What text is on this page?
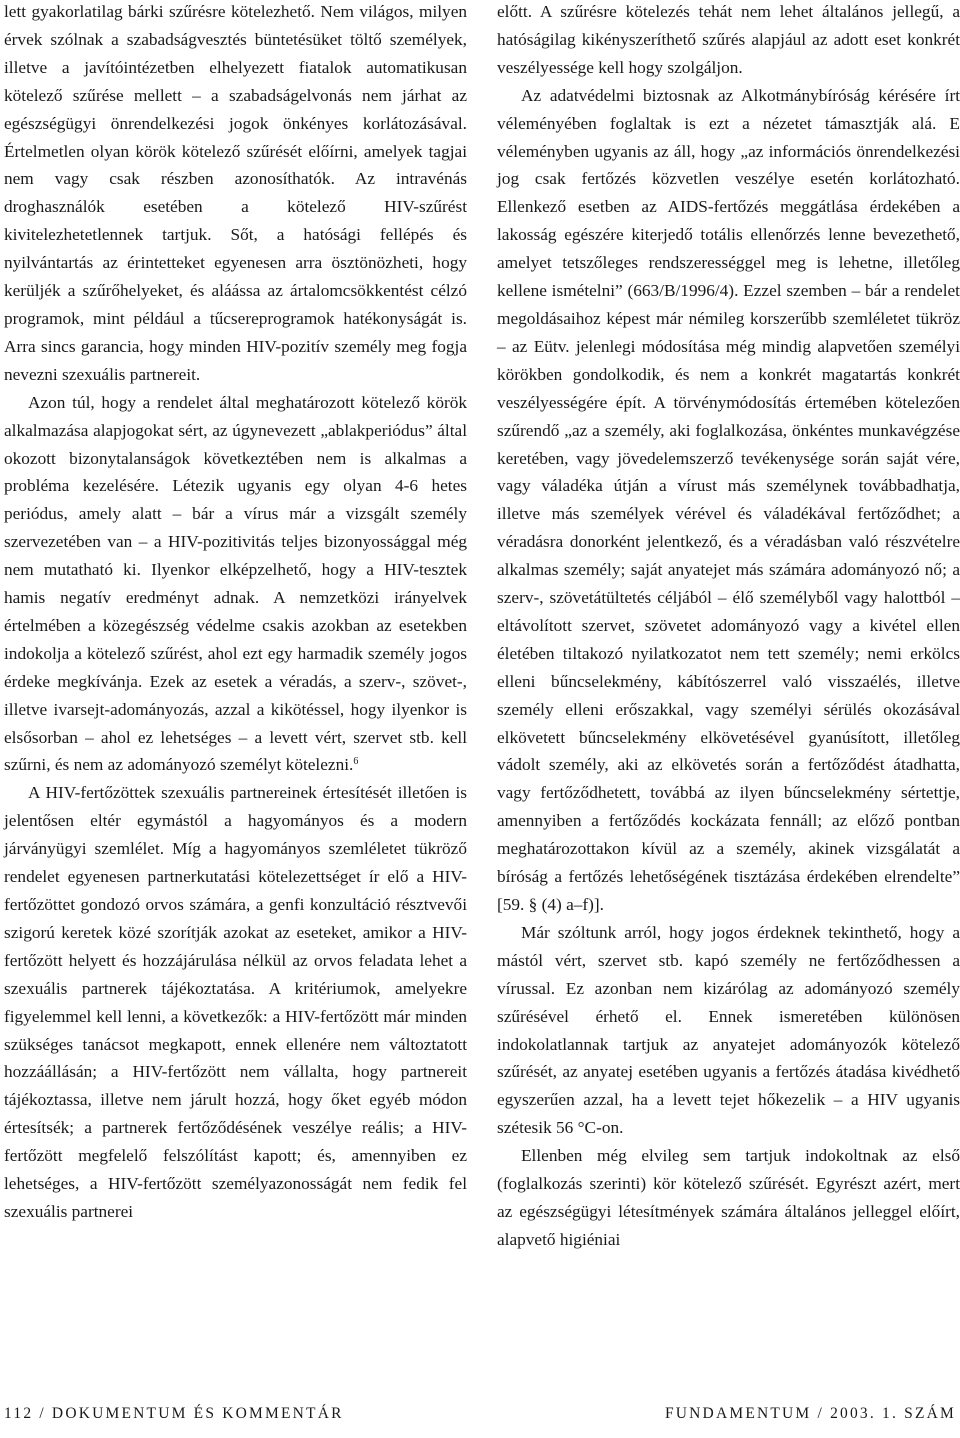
lett gyakorlatilag bárki szűrésre kötelezhető. Nem világos, milyen érvek szólnak a szabadságvesztés büntetésüket töltő személyek, illetve a javítóintézetben elhelyezett fiatalok automatikusan kötelező szűrése mellett – a szabadságelvonás nem járhat az egészségügyi önrendelkezési jogok önkényes korlátozásával. Értelmetlen olyan körök kötelező szűrését előírni, amelyek tagjai nem vagy csak részben azonosíthatók. Az intravénás droghasználók esetében a kötelező HIV-szűrést kivitelezhetetlennek tartjuk. Sőt, a hatósági fellépés és nyilvántartás az érintetteket egyenesen arra ösztönözheti, hogy kerüljék a szűrőhelyeket, és aláássa az ártalomcsökkentést célzó programok, mint például a tűcsereprogramok hatékonyságát is. Arra sincs garancia, hogy minden HIV-pozitív személy meg fogja nevezni szexuális partnereit.

Azon túl, hogy a rendelet által meghatározott kötelező körök alkalmazása alapjogokat sért, az úgynevezett „ablakperiódus” által okozott bizonytalanságok következtében nem is alkalmas a probléma kezelésére. Létezik ugyanis egy olyan 4-6 hetes periódus, amely alatt – bár a vírus már a vizsgált személy szervezetében van – a HIV-pozitivitás teljes bizonyossággal még nem mutatható ki. Ilyenkor elképzelhető, hogy a HIV-tesztek hamis negatív eredményt adnak. A nemzetközi irányelvek értelmében a közegészség védelme csakis azokban az esetekben indokolja a kötelező szűrést, ahol ezt egy harmadik személy jogos érdeke megkívánja. Ezek az esetek a véradás, a szerv-, szövet-, illetve ivarsejt-adományozás, azzal a kikötéssel, hogy ilyenkor is elsősorban – ahol ez lehetséges – a levett vért, szervet stb. kell szűrni, és nem az adományozó személyt kötelezni.$^6$

A HIV-fertőzöttek szexuális partnereinek értesítését illetően is jelentősen eltér egymástól a hagyományos és a modern járványügyi szemlélet. Míg a hagyományos szemléletet tükröző rendelet egyenesen partnerkutatási kötelezettséget ír elő a HIV-fertőzöttet gondozó orvos számára, a genfi konzultáció résztvevői szigorú keretek közé szorítják azokat az eseteket, amikor a HIV-fertőzött helyett és hozzájárulása nélkül az orvos feladata lehet a szexuális partnerek tájékoztatása. A kritériumok, amelyekre figyelemmel kell lenni, a következők: a HIV-fertőzött már minden szükséges tanácsot megkapott, ennek ellenére nem változtatott hozzáállásán; a HIV-fertőzött nem vállalta, hogy partnereit tájékoztassa, illetve nem járult hozzá, hogy őket egyéb módon értesítsék; a partnerek fertőződésének veszélye reális; a HIV-fertőzött megfelelő felszólítást kapott; és, amennyiben ez lehetséges, a HIV-fertőzött személyazonosságát nem fedik fel szexuális partnerei

előtt. A szűrésre kötelezés tehát nem lehet általános jellegű, a hatóságilag kikényszeríthető szűrés alapjául az adott eset konkrét veszélyessége kell hogy szolgáljon.

Az adatvédelmi biztosnak az Alkotmánybíróság kérésére írt véleményében foglaltak is ezt a nézetet támasztják alá. E véleményben ugyanis az áll, hogy „az információs önrendelkezési jog csak fertőzés közvetlen veszélye esetén korlátozható. Ellenkező esetben az AIDS-fertőzés meggátlása érdekében a lakosság egészére kiterjedő totális ellenőrzés lenne bevezethető, amelyet tetszőleges rendszerességgel meg is lehetne, illetőleg kellene ismételni” (663/B/1996/4). Ezzel szemben – bár a rendelet megoldásaihoz képest már némileg korszerűbb szemléletet tükröz – az Eütv. jelenlegi módosítása még mindig alapvetően személyi körökben gondolkodik, és nem a konkrét magatartás konkrét veszélyességére épít. A törvénymódosítás értemében kötelezően szűrendő „az a személy, aki foglalkozása, önkéntes munkavégzése keretében, vagy jövedelemszerző tevékenysége során saját vére, vagy váladéka útján a vírust más személynek továbbadhatja, illetve más személyek vérével és váladékával fertőződhet; a véradásra donorként jelentkező, és a véradásban való részvételre alkalmas személy; saját anyatejet más számára adományozó nő; a szerv-, szövetátültetés céljából – élő személyből vagy halottból – eltávolított szervet, szövetet adományozó vagy a kivétel ellen életében tiltakozó nyilatkozatot nem tett személy; nemi erkölcs elleni bűncselekmény, kábítószerrel való visszaélés, illetve személy elleni erőszakkal, vagy személyi sérülés okozásával elkövetett bűncselekmény elkövetésével gyanúsított, illetőleg vádolt személy, aki az elkövetés során a fertőződést átadhatta, vagy fertőződhetett, továbbá az ilyen bűncselekmény sértettje, amennyiben a fertőződés kockázata fennáll; az előző pontban meghatározottakon kívül az a személy, akinek vizsgálatát a bíróság a fertőzés lehetőségének tisztázása érdekében elrendelte” [59. § (4) a–f)].

Már szóltunk arról, hogy jogos érdeknek tekinthető, hogy a mástól vért, szervet stb. kapó személy ne fertőződhessen a vírussal. Ez azonban nem kizárólag az adományozó személy szűrésével érhető el. Ennek ismeretében különösen indokolatlannak tartjuk az anyatejet adományozók kötelező szűrését, az anyatej esetében ugyanis a fertőzés átadása kivédhető egyszerűen azzal, ha a levett tejet hőkezelik – a HIV ugyanis szétesik 56 °C-on.

Ellenben még elvileg sem tartjuk indokoltnak az első (foglalkozás szerinti) kör kötelező szűrését. Egyrészt azért, mert az egészségügyi létesítmények számára általános jelleggel előírt, alapvető higiéniai

112 / DOKUMENTUM ÉS KOMMENTÁR	FUNDAMENTUM / 2003. 1. SZÁM
